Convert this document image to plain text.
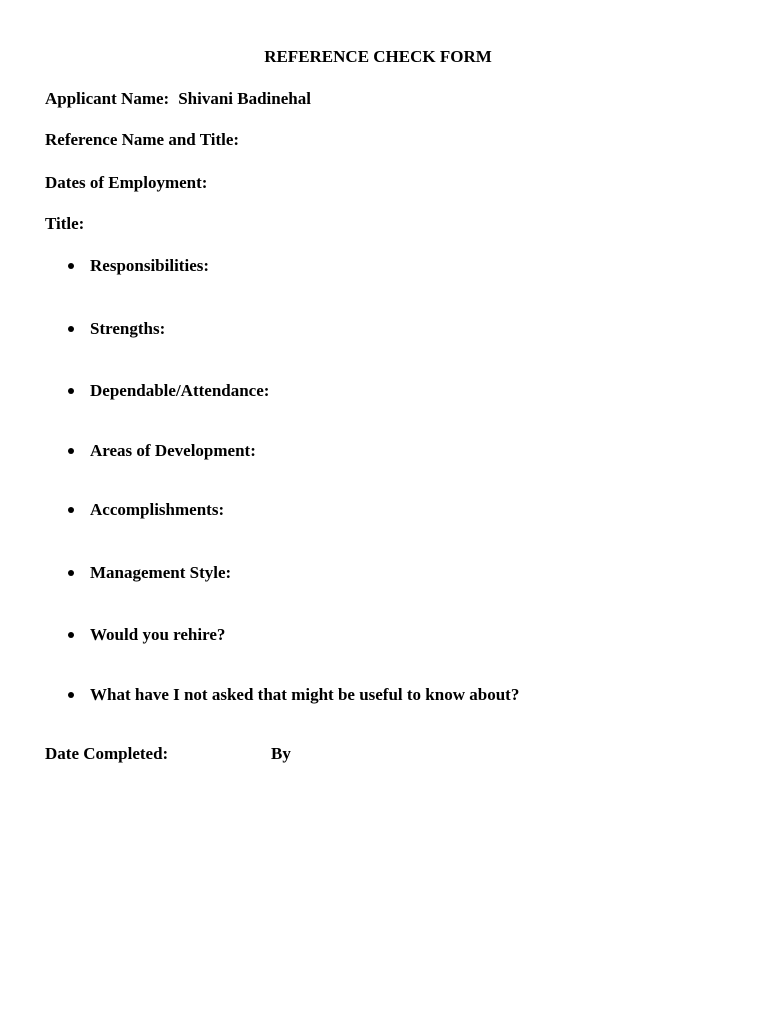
REFERENCE CHECK FORM
Applicant Name: Shivani Badinehal
Reference Name and Title:
Dates of Employment:
Title:
Responsibilities:
Strengths:
Dependable/Attendance:
Areas of Development:
Accomplishments:
Management Style:
Would you rehire?
What have I not asked that might be useful to know about?
Date Completed:	By
